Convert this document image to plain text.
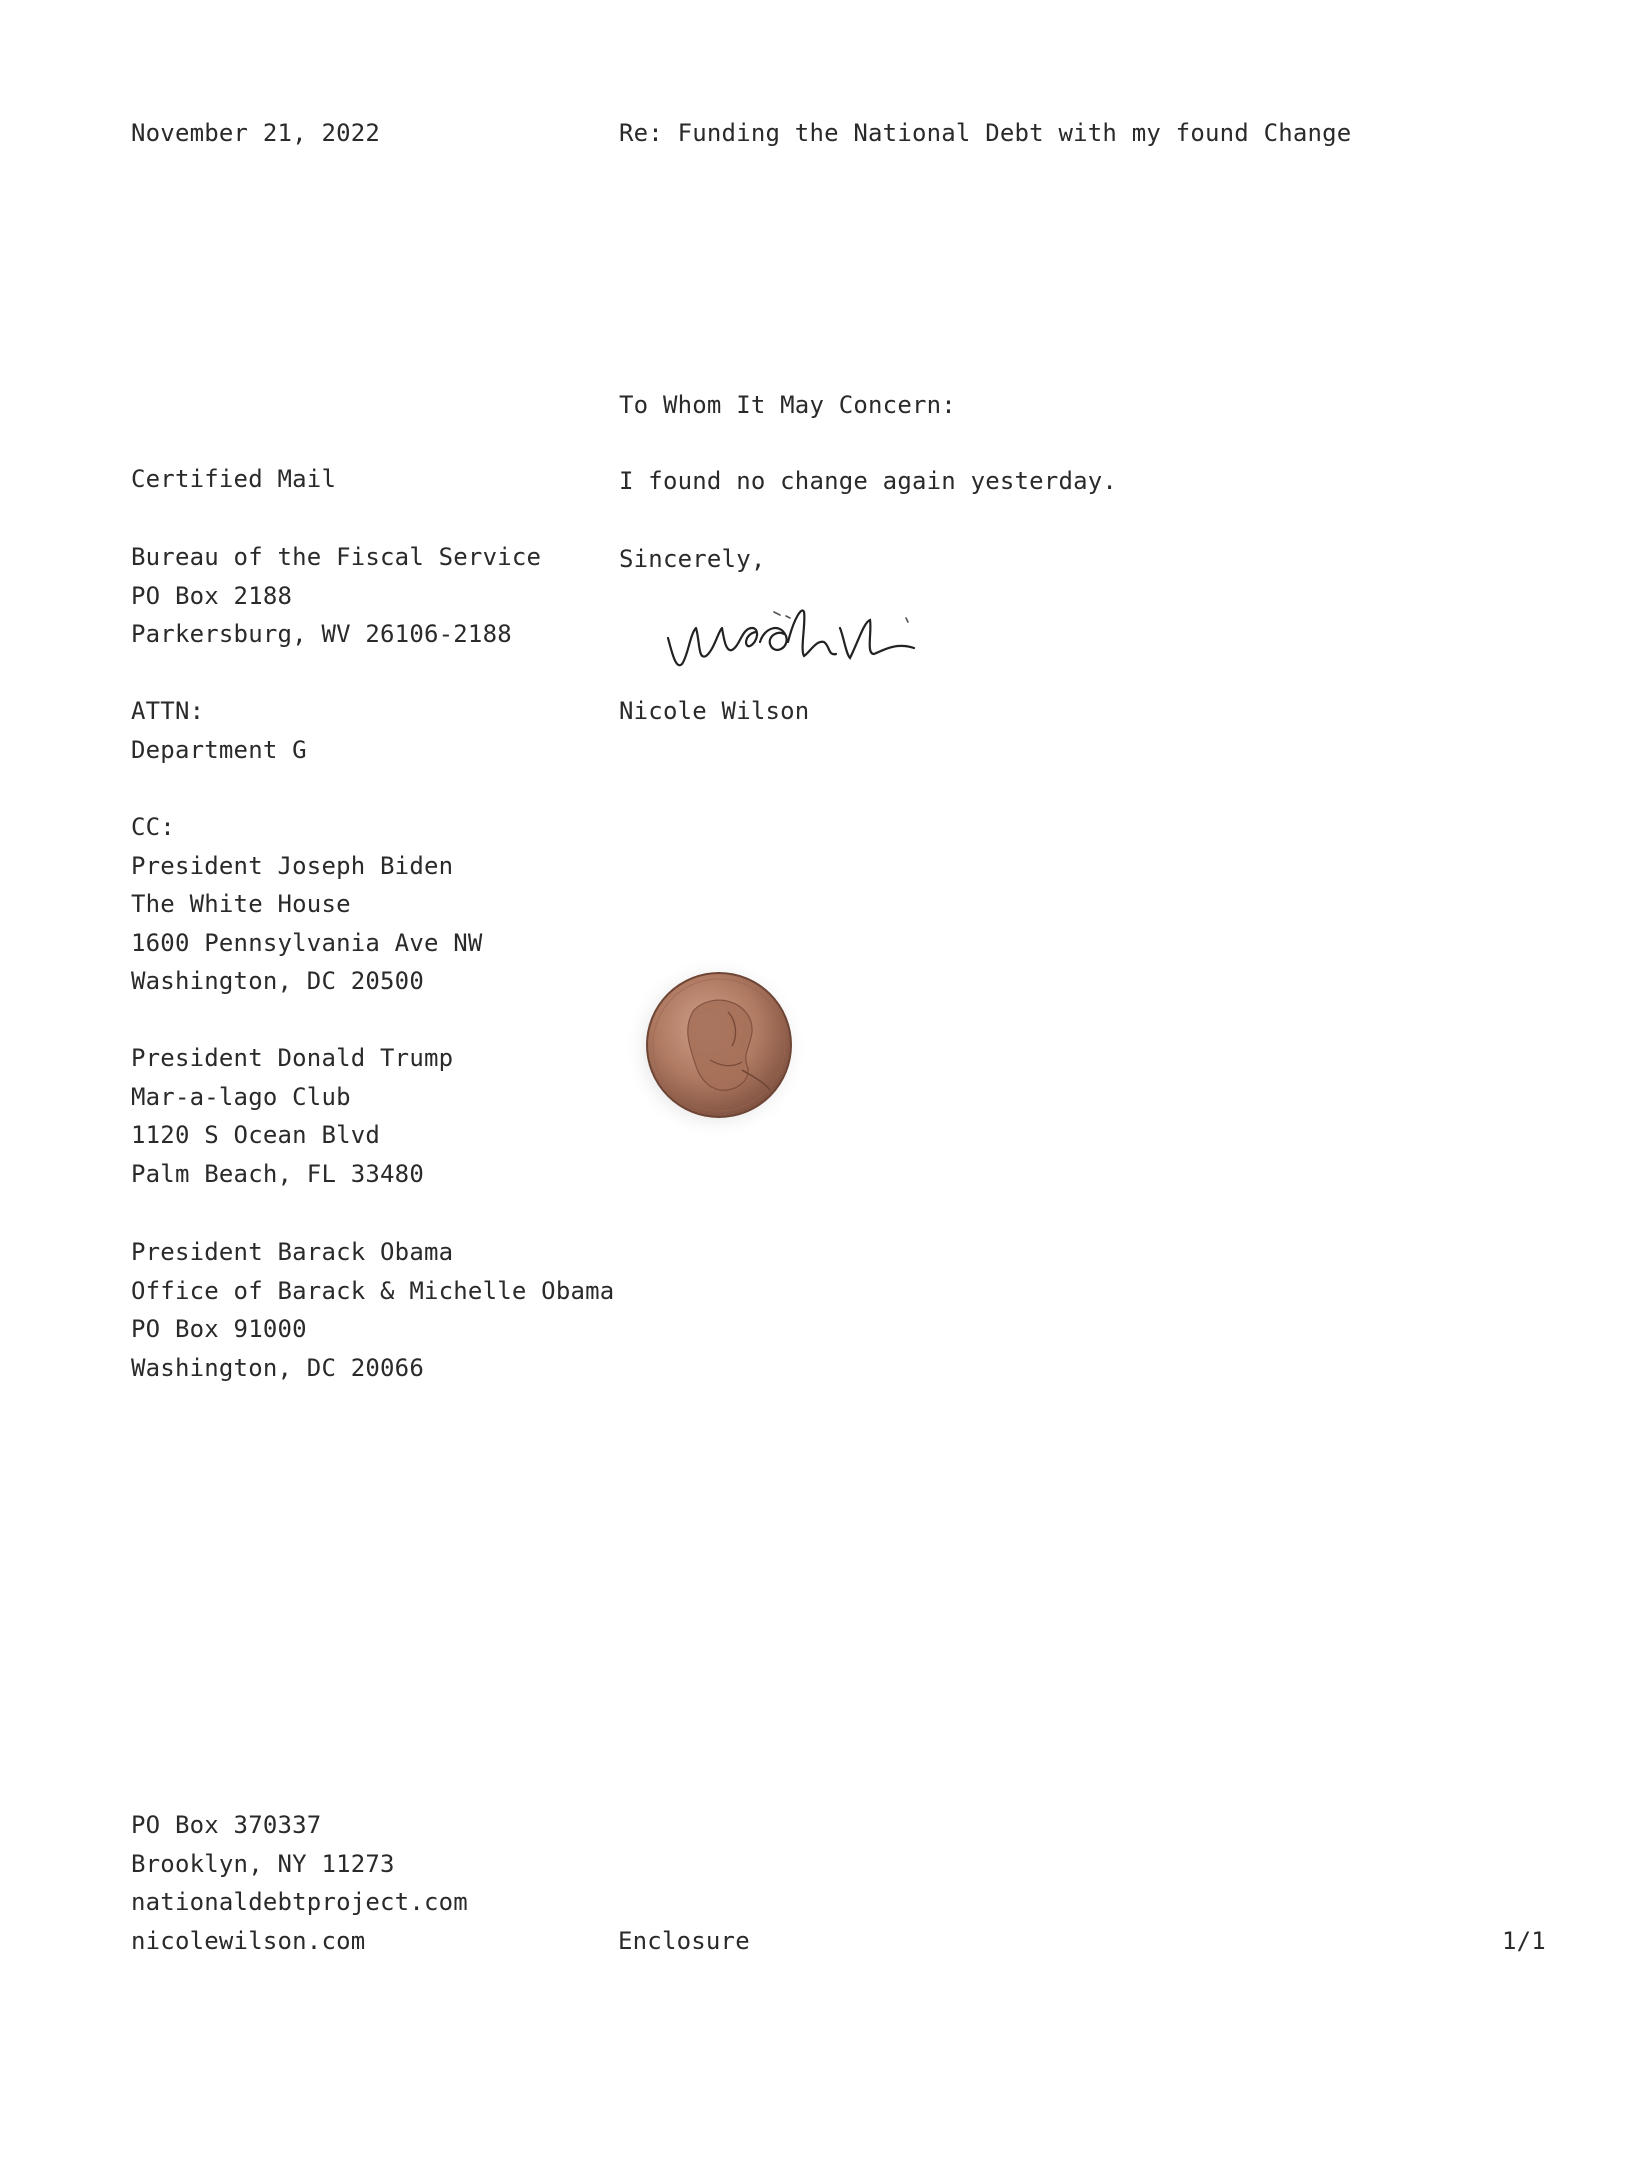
November 21, 2022	Re: Funding the National Debt with my found Change
To Whom It May Concern:
I found no change again yesterday.
Sincerely,
Nicole Wilson
Certified Mail
Bureau of the Fiscal Service
PO Box 2188
Parkersburg, WV 26106-2188
ATTN:
Department G
CC:
President Joseph Biden
The White House
1600 Pennsylvania Ave NW
Washington, DC 20500
President Donald Trump
Mar-a-lago Club
1120 S Ocean Blvd
Palm Beach, FL 33480
President Barack Obama
Office of Barack & Michelle Obama
PO Box 91000
Washington, DC 20066
PO Box 370337
Brooklyn, NY 11273
nationaldebtproject.com
nicolewilson.com	Enclosure	1/1
